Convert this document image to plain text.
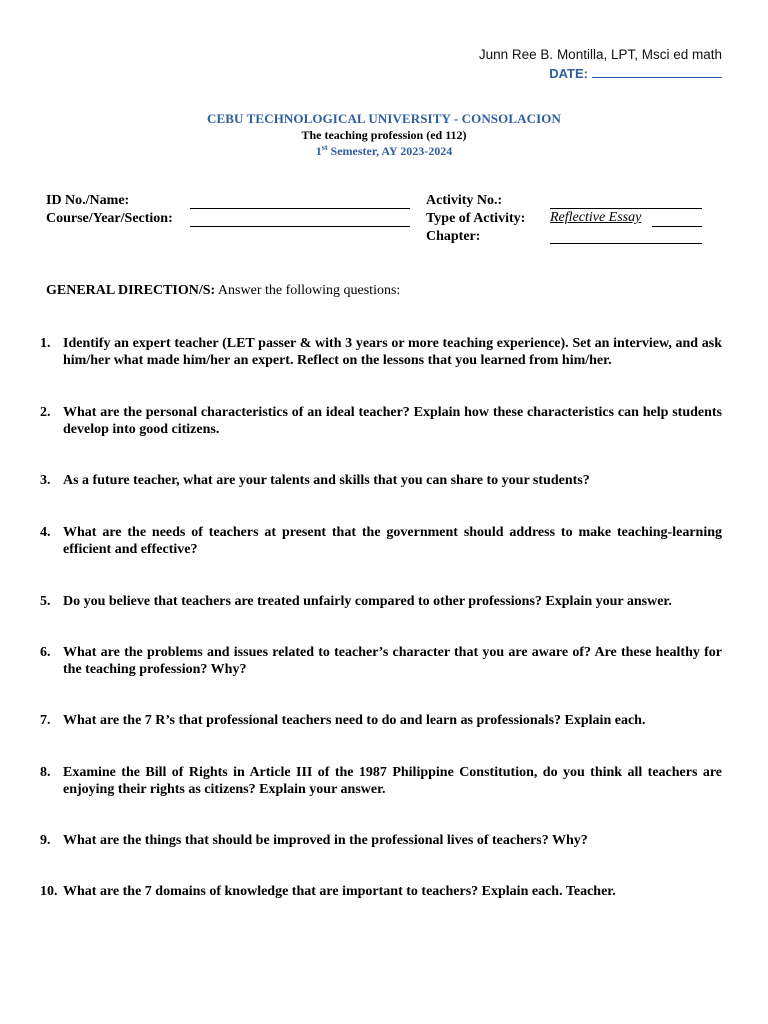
Junn Ree B. Montilla, LPT, Msci ed math
DATE:
CEBU TECHNOLOGICAL UNIVERSITY - CONSOLACION
The teaching profession (ed 112)
1st Semester, AY 2023-2024
ID No./Name:
Course/Year/Section:
Activity No.:
Type of Activity: Reflective Essay
Chapter:
GENERAL DIRECTION/S: Answer the following questions:
1. Identify an expert teacher (LET passer & with 3 years or more teaching experience). Set an interview, and ask him/her what made him/her an expert. Reflect on the lessons that you learned from him/her.
2. What are the personal characteristics of an ideal teacher? Explain how these characteristics can help students develop into good citizens.
3. As a future teacher, what are your talents and skills that you can share to your students?
4. What are the needs of teachers at present that the government should address to make teaching-learning efficient and effective?
5. Do you believe that teachers are treated unfairly compared to other professions? Explain your answer.
6. What are the problems and issues related to teacher’s character that you are aware of? Are these healthy for the teaching profession? Why?
7. What are the 7 R’s that professional teachers need to do and learn as professionals? Explain each.
8. Examine the Bill of Rights in Article III of the 1987 Philippine Constitution, do you think all teachers are enjoying their rights as citizens? Explain your answer.
9. What are the things that should be improved in the professional lives of teachers? Why?
10. What are the 7 domains of knowledge that are important to teachers? Explain each. Teacher.
